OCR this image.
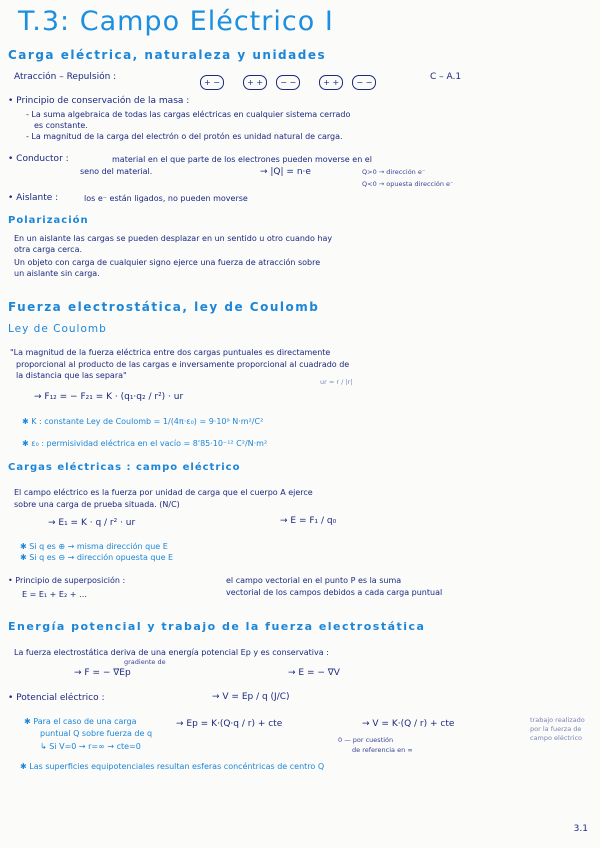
T.3: Campo Eléctrico I
Carga eléctrica, naturaleza y unidades
Atracción – Repulsión :
+ −	+ + − −	+ + − −
C – A.1
• Principio de conservación de la masa :
- La suma algebraica de todas las cargas eléctricas en cualquier sistema cerrado
es constante.
- La magnitud de la carga del electrón o del protón es unidad natural de carga.
• Conductor :	material en el que parte de los electrones pueden moverse en el
seno del material.	→ |Q| = n·e	Q>0 → dirección e⁻
Q<0 → opuesta dirección e⁻
• Aislante :	los e⁻ están ligados, no pueden moverse
Polarización
En un aislante las cargas se pueden desplazar en un sentido u otro cuando hay
otra carga cerca.
Un objeto con carga de cualquier signo ejerce una fuerza de atracción sobre
un aislante sin carga.
Fuerza electrostática, ley de Coulomb
Ley de Coulomb
"La magnitud de la fuerza eléctrica entre dos cargas puntuales es directamente
proporcional al producto de las cargas e inversamente proporcional al cuadrado de
la distancia que las separa"
ur = r / |r|
→ F₁₂ = − F₂₁ = K · (q₁·q₂ / r²) · ur
✱ K : constante Ley de Coulomb = 1/(4π·ε₀) = 9·10⁹ N·m²/C²
✱ ε₀ : permisividad eléctrica en el vacío = 8'85·10⁻¹² C²/N·m²
Cargas eléctricas : campo eléctrico
El campo eléctrico es la fuerza por unidad de carga que el cuerpo A ejerce
sobre una carga de prueba situada. (N/C)
→ E₁ = K · q / r² · ur	→ E = F₁ / q₀
✱ Si q es ⊕ → misma dirección que E
✱ Si q es ⊖ → dirección opuesta que E
• Principio de superposición :
E = E₁ + E₂ + …
el campo vectorial en el punto P es la suma
vectorial de los campos debidos a cada carga puntual
Energía potencial y trabajo de la fuerza electrostática
La fuerza electrostática deriva de una energía potencial Ep y es conservativa :
gradiente de
→ F = − ∇Ep	→ E = − ∇V
• Potencial eléctrico :	→ V = Ep / q (J/C)
✱ Para el caso de una carga
puntual Q sobre fuerza de q
→ Ep = K·(Q·q / r) + cte	→ V = K·(Q / r) + cte
↳ Si V=0 → r=∞ → cte=0
0 — por cuestión
de referencia en ∞
trabajo realizado por la fuerza de campo eléctrico
✱ Las superficies equipotenciales resultan esferas concéntricas de centro Q
3.1
